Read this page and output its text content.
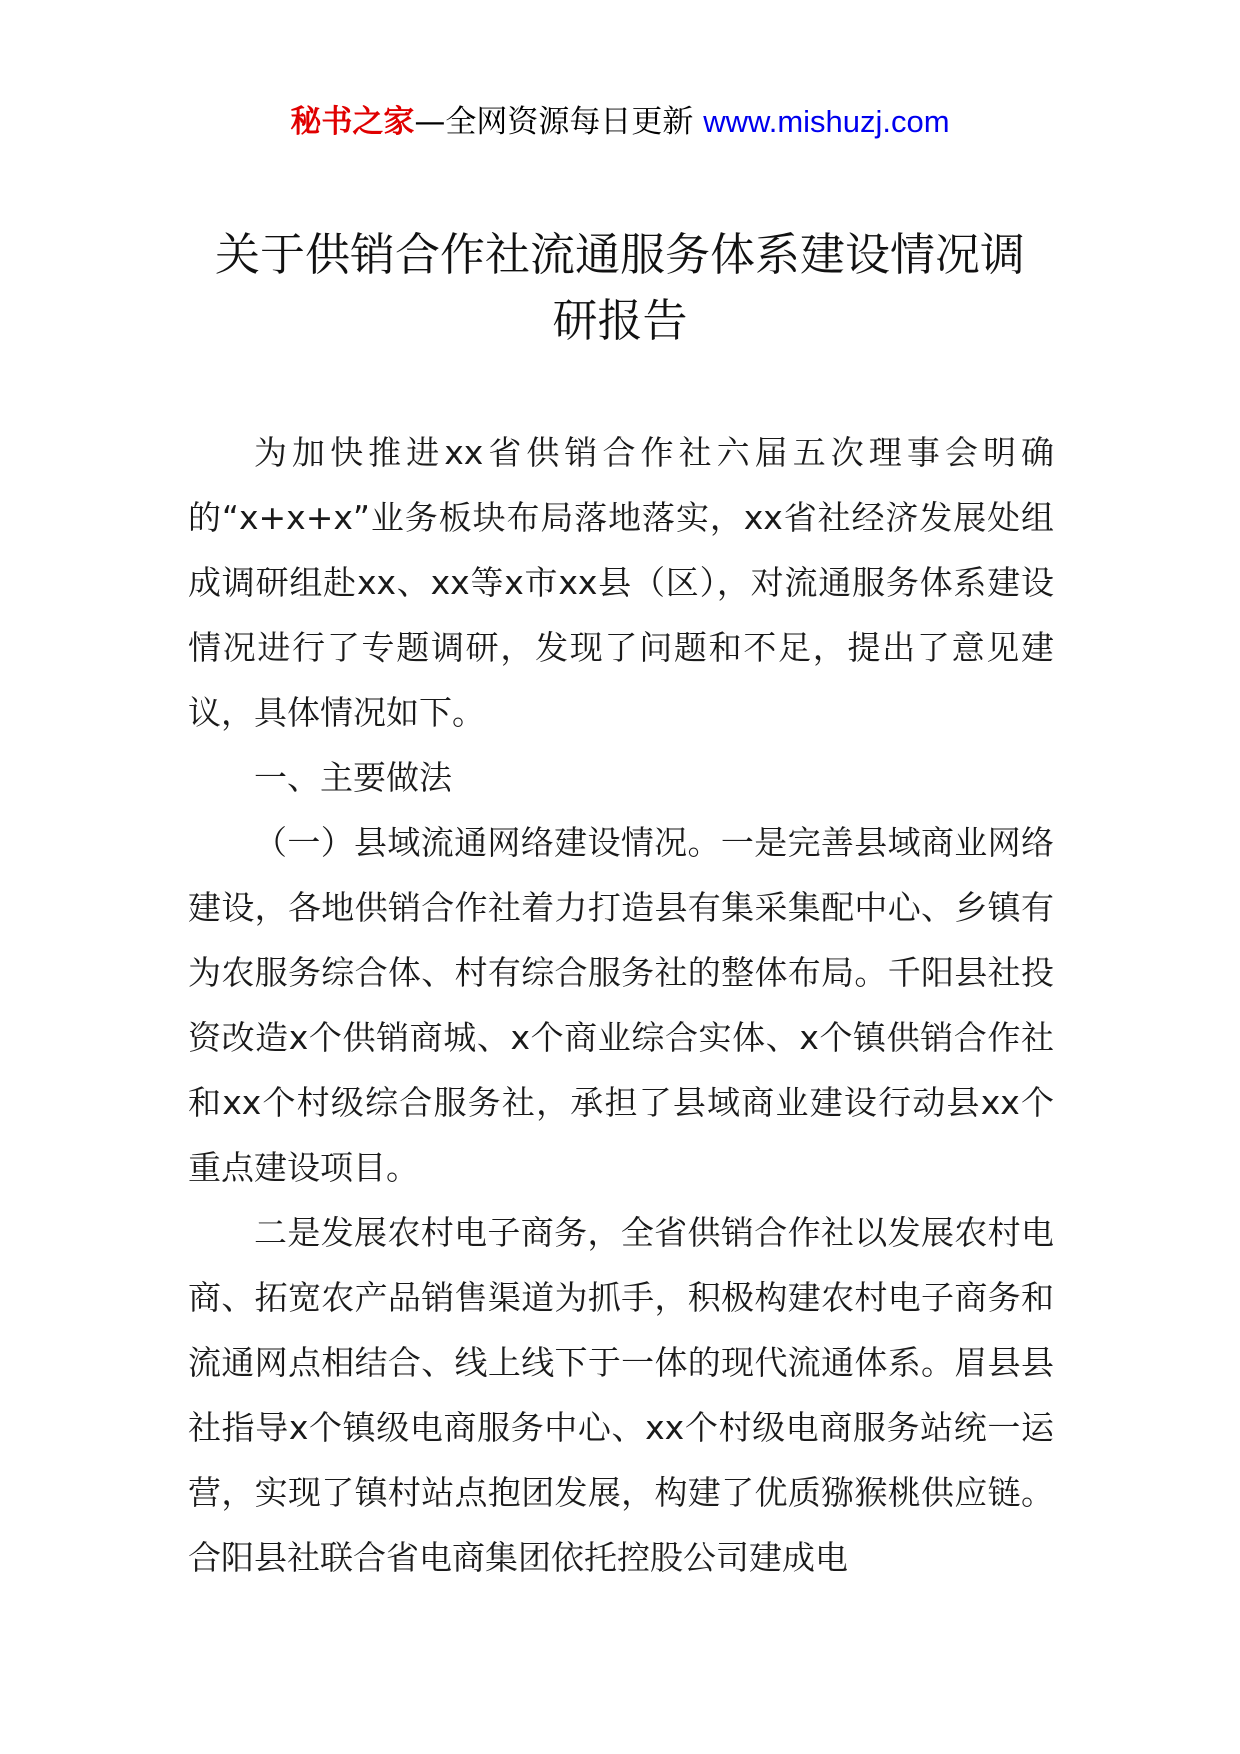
秘书之家—全网资源每日更新 www.mishuzj.com
关于供销合作社流通服务体系建设情况调
研报告

为加快推进xx省供销合作社六届五次理事会明确的“x+x+x”业务板块布局落地落实，xx省社经济发展处组成调研组赴xx、xx等x市xx县（区），对流通服务体系建设情况进行了专题调研，发现了问题和不足，提出了意见建议，具体情况如下。

一、主要做法

（一）县域流通网络建设情况。一是完善县域商业网络建设，各地供销合作社着力打造县有集采集配中心、乡镇有为农服务综合体、村有综合服务社的整体布局。千阳县社投资改造x个供销商城、x个商业综合实体、x个镇供销合作社和xx个村级综合服务社，承担了县域商业建设行动县xx个重点建设项目。

二是发展农村电子商务，全省供销合作社以发展农村电商、拓宽农产品销售渠道为抓手，积极构建农村电子商务和流通网点相结合、线上线下于一体的现代流通体系。眉县县社指导x个镇级电商服务中心、xx个村级电商服务站统一运营，实现了镇村站点抱团发展，构建了优质猕猴桃供应链。合阳县社联合省电商集团依托控股公司建成电
